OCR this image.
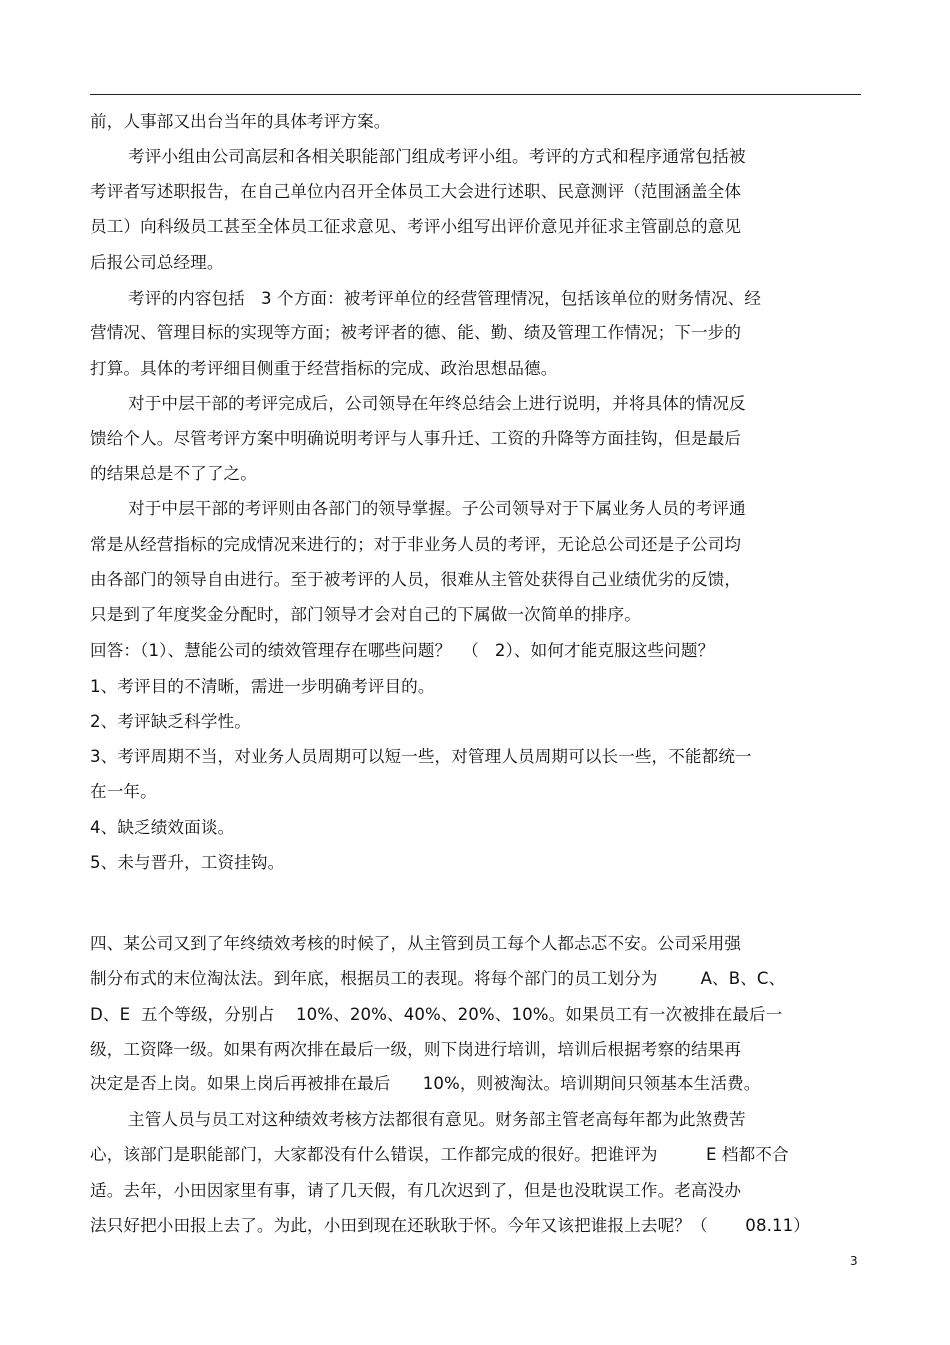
前，人事部又出台当年的具体考评方案。
考评小组由公司高层和各相关职能部门组成考评小组。考评的方式和程序通常包括被
考评者写述职报告，在自己单位内召开全体员工大会进行述职、民意测评（范围涵盖全体
员工）向科级员工甚至全体员工征求意见、考评小组写出评价意见并征求主管副总的意见
后报公司总经理。
考评的内容包括   3 个方面：被考评单位的经营管理情况，包括该单位的财务情况、经
营情况、管理目标的实现等方面；被考评者的德、能、勤、绩及管理工作情况；下一步的
打算。具体的考评细目侧重于经营指标的完成、政治思想品德。
对于中层干部的考评完成后，公司领导在年终总结会上进行说明，并将具体的情况反
馈给个人。尽管考评方案中明确说明考评与人事升迁、工资的升降等方面挂钩，但是最后
的结果总是不了了之。
对于中层干部的考评则由各部门的领导掌握。子公司领导对于下属业务人员的考评通
常是从经营指标的完成情况来进行的；对于非业务人员的考评，无论总公司还是子公司均
由各部门的领导自由进行。至于被考评的人员，很难从主管处获得自己业绩优劣的反馈，
只是到了年度奖金分配时，部门领导才会对自己的下属做一次简单的排序。
回答：（1）、慧能公司的绩效管理存在哪些问题？  （   2）、如何才能克服这些问题？
1、考评目的不清晰，需进一步明确考评目的。
2、考评缺乏科学性。
3、考评周期不当，对业务人员周期可以短一些，对管理人员周期可以长一些，不能都统一
在一年。
4、缺乏绩效面谈。
5、未与晋升，工资挂钩。
四、某公司又到了年终绩效考核的时候了，从主管到员工每个人都忐忑不安。公司采用强
制分布式的末位淘汰法。到年底，根据员工的表现。将每个部门的员工划分为        A、B、C、
D、E  五个等级，分别占    10%、20%、40%、20%、10%。如果员工有一次被排在最后一
级，工资降一级。如果有两次排在最后一级，则下岗进行培训，培训后根据考察的结果再
决定是否上岗。如果上岗后再被排在最后      10%，则被淘汰。培训期间只领基本生活费。
主管人员与员工对这种绩效考核方法都很有意见。财务部主管老高每年都为此煞费苦
心，该部门是职能部门，大家都没有什么错误，工作都完成的很好。把谁评为         E 档都不合
适。去年，小田因家里有事，请了几天假，有几次迟到了，但是也没耽误工作。老高没办
法只好把小田报上去了。为此，小田到现在还耿耿于怀。今年又该把谁报上去呢？（       08.11）
3
